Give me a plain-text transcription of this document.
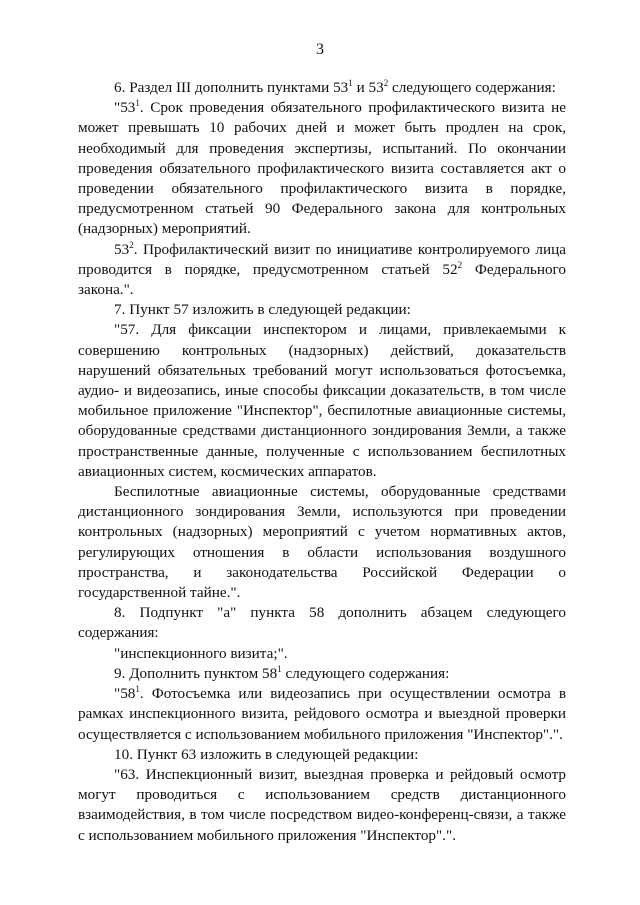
3

6. Раздел III дополнить пунктами $53^1$ и $53^2$ следующего содержания:

"$53^1$. Срок проведения обязательного профилактического визита не может превышать 10 рабочих дней и может быть продлен на срок, необходимый для проведения экспертизы, испытаний. По окончании проведения обязательного профилактического визита составляется акт о проведении обязательного профилактического визита в порядке, предусмотренном статьей 90 Федерального закона для контрольных (надзорных) мероприятий.

$53^2$. Профилактический визит по инициативе контролируемого лица проводится в порядке, предусмотренном статьей $52^2$ Федерального закона.".

7. Пункт 57 изложить в следующей редакции:

"57. Для фиксации инспектором и лицами, привлекаемыми к совершению контрольных (надзорных) действий, доказательств нарушений обязательных требований могут использоваться фотосъемка, аудио- и видеозапись, иные способы фиксации доказательств, в том числе мобильное приложение "Инспектор", беспилотные авиационные системы, оборудованные средствами дистанционного зондирования Земли, а также пространственные данные, полученные с использованием беспилотных авиационных систем, космических аппаратов.

Беспилотные авиационные системы, оборудованные средствами дистанционного зондирования Земли, используются при проведении контрольных (надзорных) мероприятий с учетом нормативных актов, регулирующих отношения в области использования воздушного пространства, и законодательства Российской Федерации о государственной тайне.".

8. Подпункт "а" пункта 58 дополнить абзацем следующего содержания:

"инспекционного визита;".

9. Дополнить пунктом $58^1$ следующего содержания:

"$58^1$. Фотосъемка или видеозапись при осуществлении осмотра в рамках инспекционного визита, рейдового осмотра и выездной проверки осуществляется с использованием мобильного приложения "Инспектор".".

10. Пункт 63 изложить в следующей редакции:

"63. Инспекционный визит, выездная проверка и рейдовый осмотр могут проводиться с использованием средств дистанционного взаимодействия, в том числе посредством видео-конференц-связи, а также с использованием мобильного приложения "Инспектор".".
